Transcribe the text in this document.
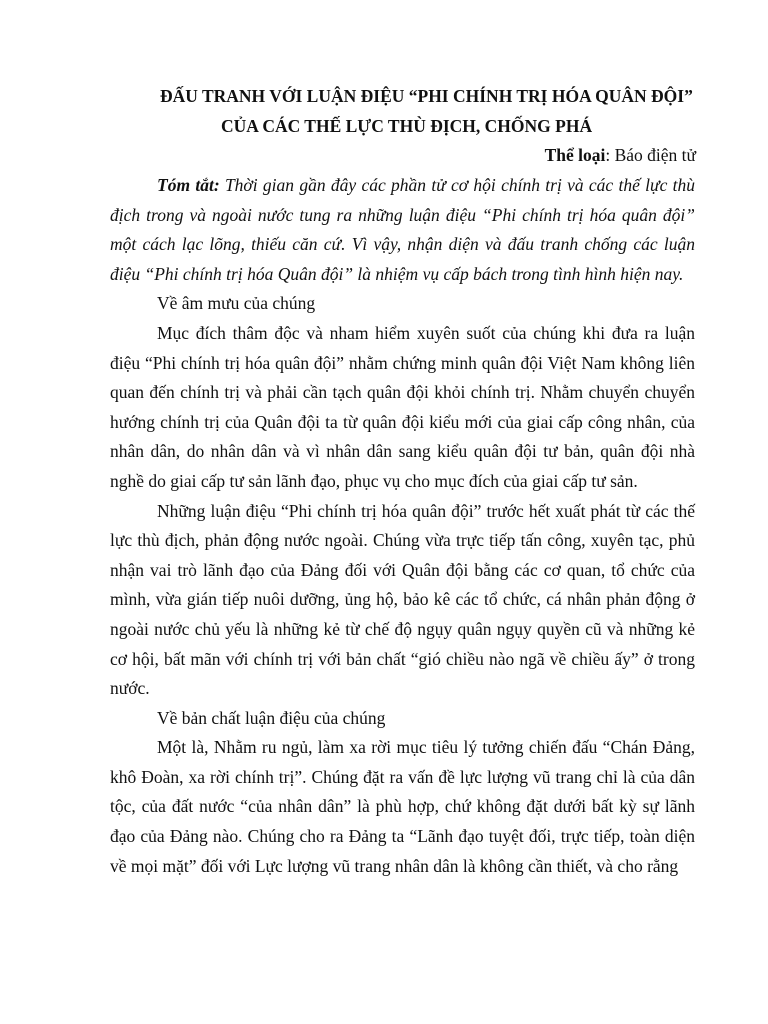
ĐẤU TRANH VỚI LUẬN ĐIỆU “PHI CHÍNH TRỊ HÓA QUÂN ĐỘI”
CỦA CÁC THẾ LỰC THÙ ĐỊCH, CHỐNG PHÁ
Thể loại: Báo điện tử

Tóm tắt: Thời gian gần đây các phần tử cơ hội chính trị và các thế lực thù địch trong và ngoài nước tung ra những luận điệu “Phi chính trị hóa quân đội” một cách lạc lõng, thiếu căn cứ. Vì vậy, nhận diện và đấu tranh chống các luận điệu “Phi chính trị hóa Quân đội” là nhiệm vụ cấp bách trong tình hình hiện nay.

Về âm mưu của chúng

Mục đích thâm độc và nham hiểm xuyên suốt của chúng khi đưa ra luận điệu “Phi chính trị hóa quân đội” nhằm chứng minh quân đội Việt Nam không liên quan đến chính trị và phải cần tạch quân đội khỏi chính trị. Nhằm chuyển chuyển hướng chính trị của Quân đội ta từ quân đội kiểu mới của giai cấp công nhân, của nhân dân, do nhân dân và vì nhân dân sang kiểu quân đội tư bản, quân đội nhà nghề do giai cấp tư sản lãnh đạo, phục vụ cho mục đích của giai cấp tư sản.

Những luận điệu “Phi chính trị hóa quân đội” trước hết xuất phát từ các thế lực thù địch, phản động nước ngoài. Chúng vừa trực tiếp tấn công, xuyên tạc, phủ nhận vai trò lãnh đạo của Đảng đối với Quân đội bằng các cơ quan, tổ chức của mình, vừa gián tiếp nuôi dưỡng, ủng hộ, bảo kê các tổ chức, cá nhân phản động ở ngoài nước chủ yếu là những kẻ từ chế độ ngụy quân ngụy quyền cũ và những kẻ cơ hội, bất mãn với chính trị với bản chất “gió chiều nào ngã về chiều ấy” ở trong nước.

Về bản chất luận điệu của chúng

Một là, Nhằm ru ngủ, làm xa rời mục tiêu lý tưởng chiến đấu “Chán Đảng, khô Đoàn, xa rời chính trị”. Chúng đặt ra vấn đề lực lượng vũ trang chỉ là của dân tộc, của đất nước “của nhân dân” là phù hợp, chứ không đặt dưới bất kỳ sự lãnh đạo của Đảng nào. Chúng cho ra Đảng ta “Lãnh đạo tuyệt đối, trực tiếp, toàn diện về mọi mặt” đối với Lực lượng vũ trang nhân dân là không cần thiết, và cho rằng
